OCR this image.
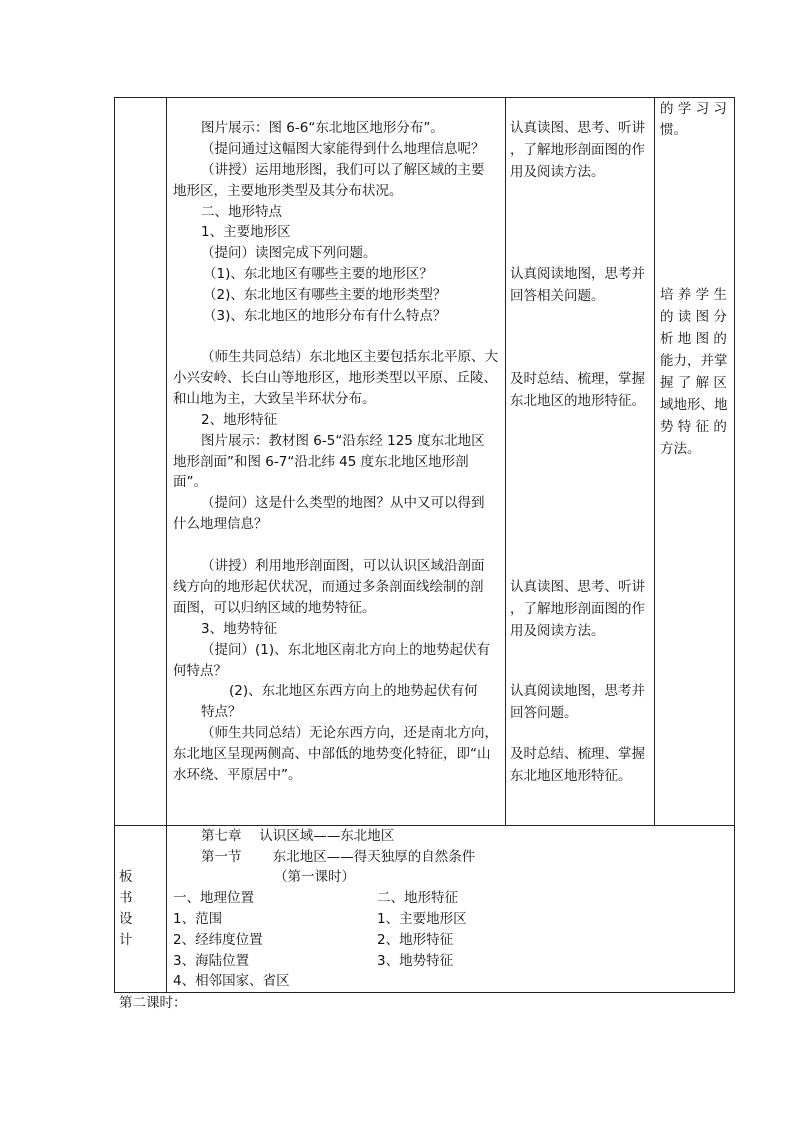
图片展示：图 6-6“东北地区地形分布”。
（提问通过这幅图大家能得到什么地理信息呢？
（讲授）运用地形图，我们可以了解区域的主要
地形区，主要地形类型及其分布状况。
二、地形特点
1、主要地形区
（提问）读图完成下列问题。
（1)、东北地区有哪些主要的地形区？
（2)、东北地区有哪些主要的地形类型？
（3)、东北地区的地形分布有什么特点？
（师生共同总结）东北地区主要包括东北平原、大
小兴安岭、长白山等地形区，地形类型以平原、丘陵、
和山地为主，大致呈半环状分布。
2、地形特征
图片展示：教材图 6-5“沿东经 125 度东北地区
地形剖面”和图 6-7“沿北纬 45 度东北地区地形剖
面”。
（提问）这是什么类型的地图？从中又可以得到
什么地理信息？
（讲授）利用地形剖面图，可以认识区域沿剖面
线方向的地形起伏状况，而通过多条剖面线绘制的剖
面图，可以归纳区域的地势特征。
3、地势特征
（提问）(1)、东北地区南北方向上的地势起伏有
何特点？
(2)、东北地区东西方向上的地势起伏有何
特点？
（师生共同总结）无论东西方向，还是南北方向，
东北地区呈现两侧高、中部低的地势变化特征，即“山
水环绕、平原居中”。
认真读图、思考、听讲
，了解地形剖面图的作
用及阅读方法。
认真阅读地图，思考并
回答相关问题。
及时总结、梳理，掌握
东北地区的地形特征。
认真读图、思考、听讲
，了解地形剖面图的作
用及阅读方法。
认真阅读地图，思考并
回答问题。
及时总结、梳理、掌握
东北地区地形特征。
的 学 习 习
惯。
培 养 学 生
的 读 图 分
析 地 图 的
能力，并掌
握 了 解 区
域地形、地
势 特 征 的
方法。
板
书
设
计
第七章　 认识区域——东北地区
第一节　 　东北地区——得天独厚的自然条件
（第一课时）
一、地理位置
1、范围
2、经纬度位置
3、海陆位置
4、相邻国家、省区
二、地形特征
1、主要地形区
2、地形特征
3、地势特征
第二课时：
